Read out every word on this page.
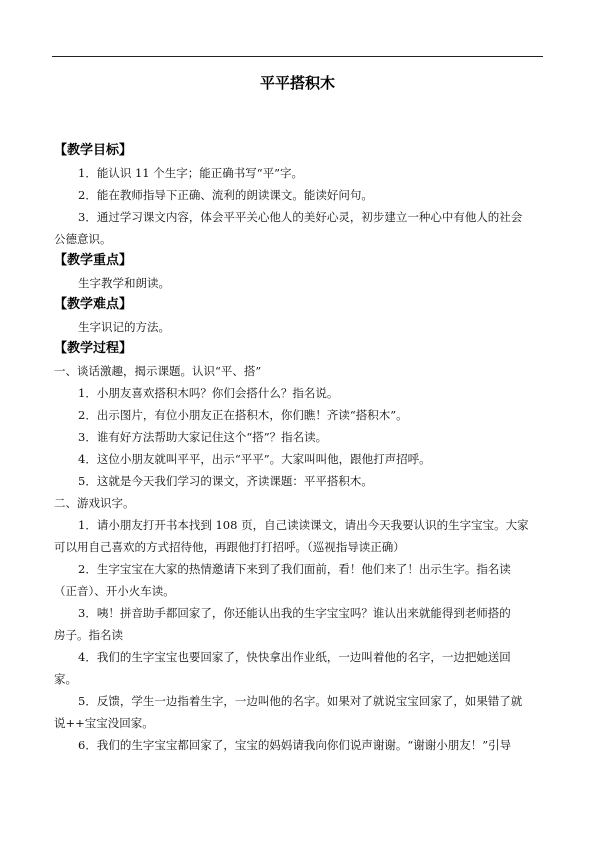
平平搭积木
【教学目标】
1．能认识 11 个生字；能正确书写“平”字。
2．能在教师指导下正确、流利的朗读课文。能读好问句。
3．通过学习课文内容，体会平平关心他人的美好心灵，初步建立一种心中有他人的社会
公德意识。
【教学重点】
生字教学和朗读。
【教学难点】
生字识记的方法。
【教学过程】
一、谈话激趣，揭示课题。认识“平、搭”
1．小朋友喜欢搭积木吗？你们会搭什么？指名说。
2．出示图片，有位小朋友正在搭积木，你们瞧！齐读“搭积木”。
3．谁有好方法帮助大家记住这个“搭”？指名读。
4．这位小朋友就叫平平，出示“平平”。大家叫叫他，跟他打声招呼。
5．这就是今天我们学习的课文，齐读课题：平平搭积木。
二、游戏识字。
1．请小朋友打开书本找到 108 页，自己读读课文，请出今天我要认识的生字宝宝。大家
可以用自己喜欢的方式招待他，再跟他打打招呼。（巡视指导读正确）
2．生字宝宝在大家的热情邀请下来到了我们面前，看！他们来了！出示生字。指名读
（正音）、开小火车读。
3．咦！拼音助手都回家了，你还能认出我的生字宝宝吗？谁认出来就能得到老师搭的
房子。指名读
4．我们的生字宝宝也要回家了，快快拿出作业纸，一边叫着他的名字，一边把她送回
家。
5．反馈，学生一边指着生字，一边叫他的名字。如果对了就说宝宝回家了，如果错了就
说++宝宝没回家。
6．我们的生字宝宝都回家了，宝宝的妈妈请我向你们说声谢谢。“谢谢小朋友！”引导
